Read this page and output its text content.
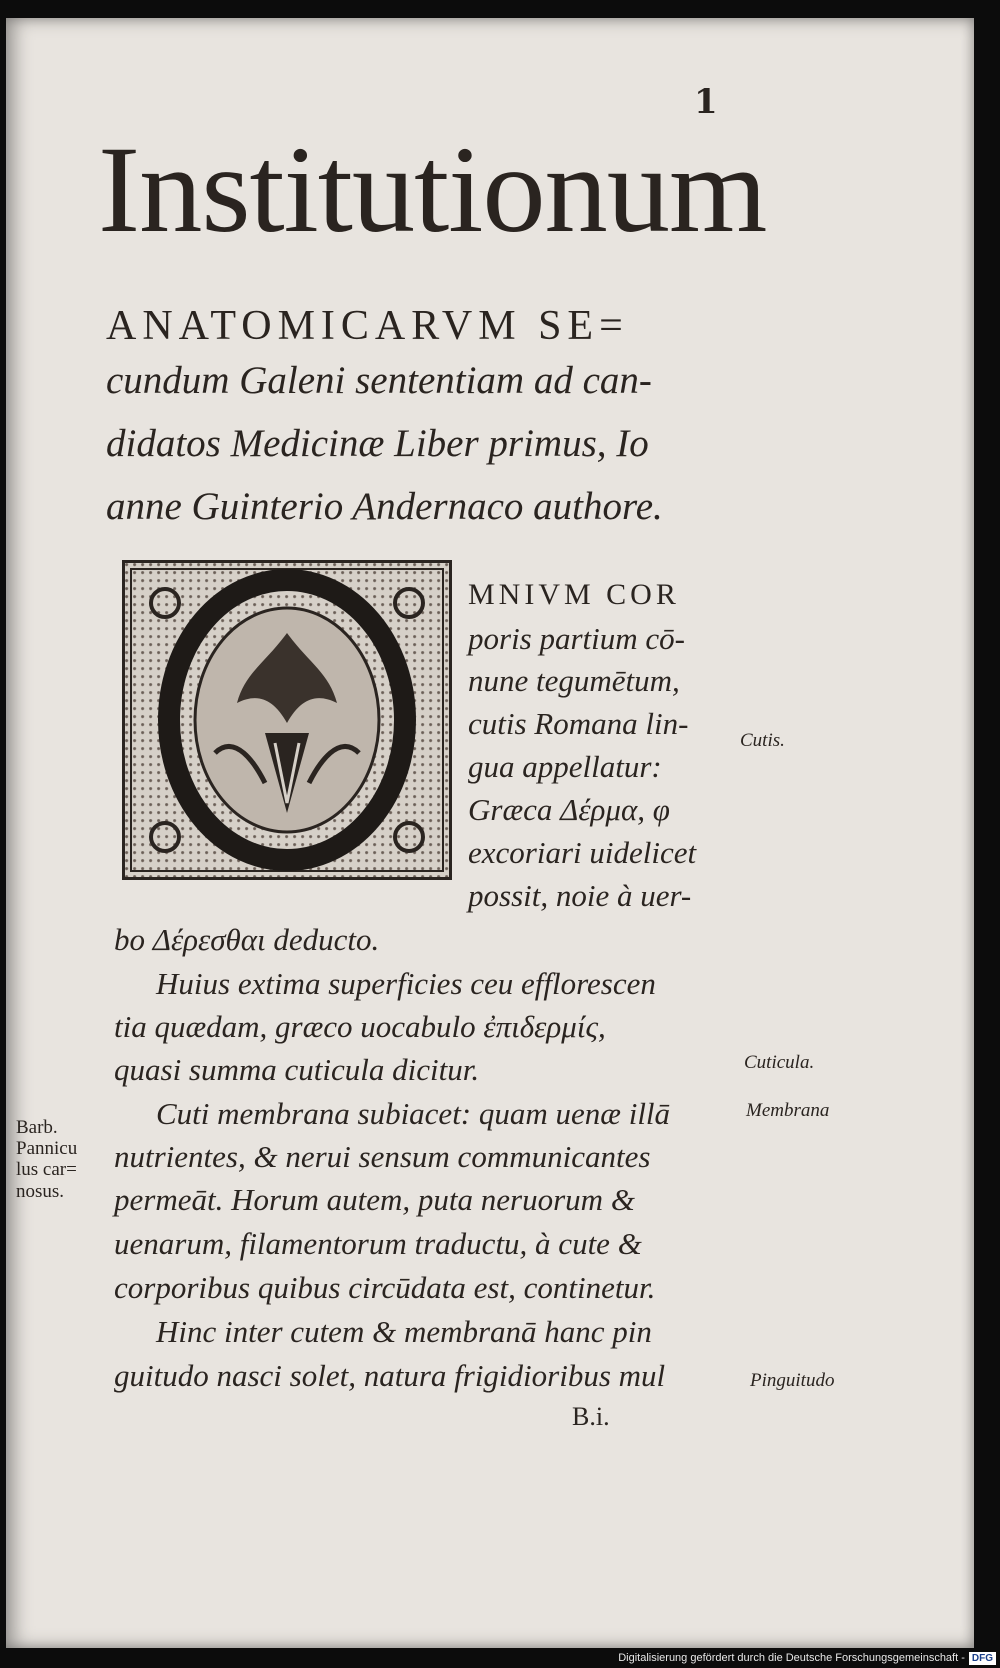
1
Institutionum
ANATOMICARVM SE=
cundum Galeni sententiam ad can-
didatos Medicinæ Liber primus, Io
anne Guinterio Andernaco authore.
MNIVM COR
poris partium cō-
nune tegumētum,
cutis Romana lin-
gua appellatur:
Græca Δέρμα, φ
excoriari uidelicet
possit, noie à uer-
bo Δέρεσθαι deducto.
Huius extima superficies ceu efflorescen
tia quædam, græco uocabulo ἐπιδερμίς,
quasi summa cuticula dicitur.
Cuti membrana subiacet: quam uenæ illā
nutrientes, & nerui sensum communicantes
permeāt. Horum autem, puta neruorum &
uenarum, filamentorum traductu, à cute &
corporibus quibus circūdata est, continetur.
Hinc inter cutem & membranā hanc pin
guitudo nasci solet, natura frigidioribus mul
B.i.
Cutis.
Cuticula.
Membrana
Pinguitudo
Barb.
Pannicu
lus car=
nosus.
Digitalisierung gefördert durch die Deutsche Forschungsgemeinschaft - DFG
